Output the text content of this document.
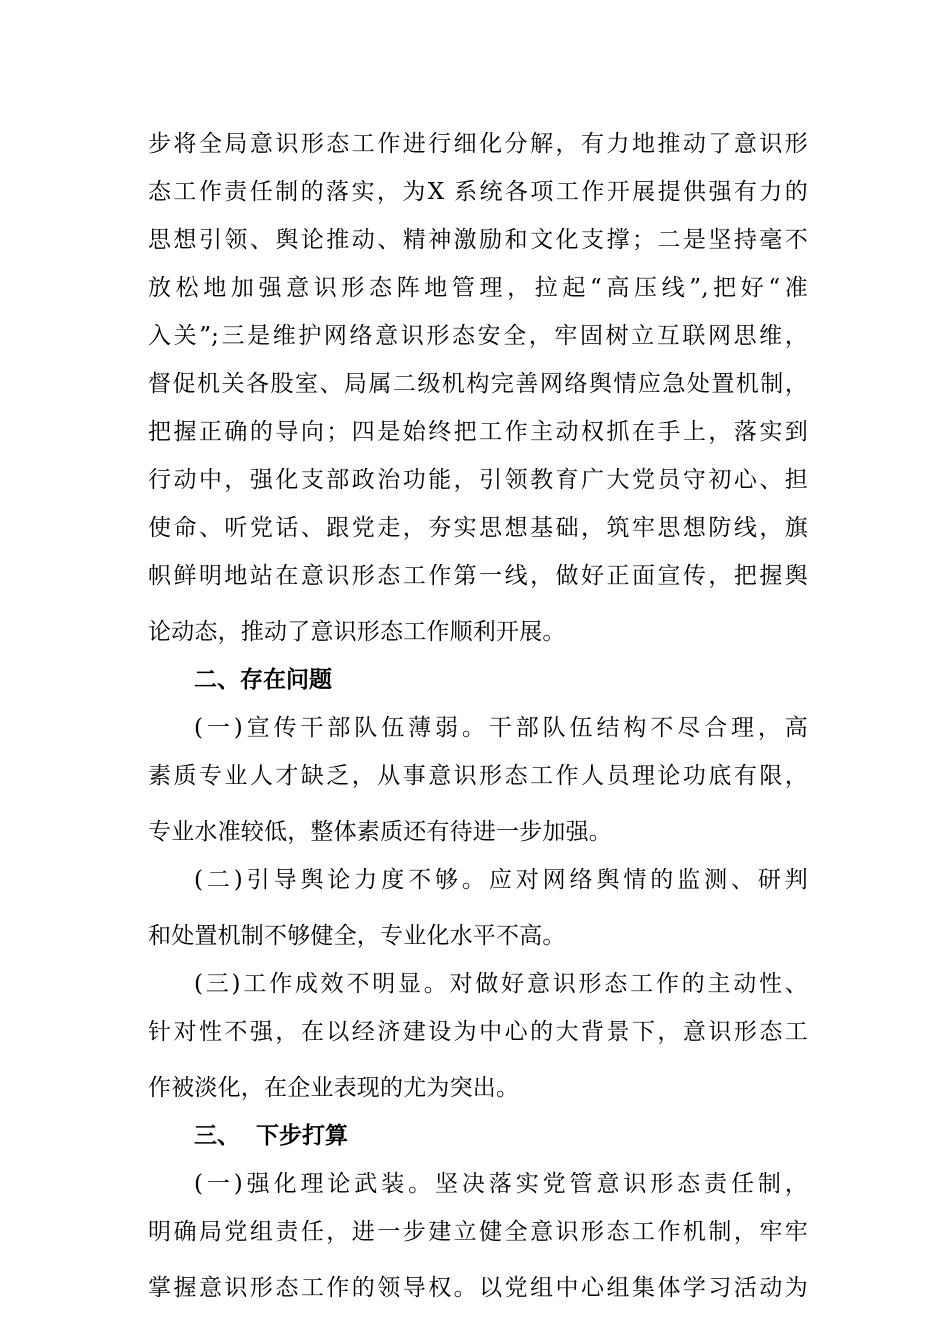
步将全局意识形态工作进行细化分解，有力地推动了意识形
态工作责任制的落实，为X 系统各项工作开展提供强有力的
思想引领、舆论推动、精神激励和文化支撑；二是坚持毫不
放松地加强意识形态阵地管理，拉起“高压线”,把好“准
入关”;三是维护网络意识形态安全，牢固树立互联网思维，
督促机关各股室、局属二级机构完善网络舆情应急处置机制，
把握正确的导向；四是始终把工作主动权抓在手上，落实到
行动中，强化支部政治功能，引领教育广大党员守初心、担
使命、听党话、跟党走，夯实思想基础，筑牢思想防线，旗
帜鲜明地站在意识形态工作第一线，做好正面宣传，把握舆
论动态，推动了意识形态工作顺利开展。
二、存在问题
(一)宣传干部队伍薄弱。干部队伍结构不尽合理，高
素质专业人才缺乏，从事意识形态工作人员理论功底有限，
专业水准较低，整体素质还有待进一步加强。
(二)引导舆论力度不够。应对网络舆情的监测、研判
和处置机制不够健全，专业化水平不高。
(三)工作成效不明显。对做好意识形态工作的主动性、
针对性不强，在以经济建设为中心的大背景下，意识形态工
作被淡化，在企业表现的尤为突出。
三、  下步打算
(一)强化理论武装。坚决落实党管意识形态责任制，
明确局党组责任，进一步建立健全意识形态工作机制，牢牢
掌握意识形态工作的领导权。以党组中心组集体学习活动为
